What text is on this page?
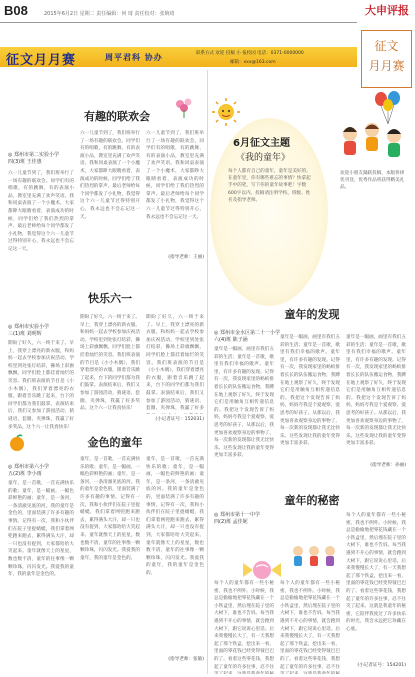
B08	2015年6月2日 星期二 责任编辑：何 琦 责任校对：张婉琦	大申评报
征文
月月赛
征文月月赛	周平君科 协办	联系方式 欢迎 投稿 小 报校园 电话：0371-0000000
邮箱：xxx@163.com
6月征文主题
《我的童年》
每个人都有自己的童年，童年是美好的。在童年里，你有哪些难忘的事情？快拿起手中的笔，写下你的童年故事吧！字数600字以内。投稿请注明学校、班级、姓名及指导老师。
欢迎小朋友踊跃投稿，本版将择优刊登，优秀作品将获得精美礼品。
有趣的联欢会
◎ 郑州市第二实验小学
四(3)班 王佳惠
六一儿童节到了，我们班举行了一场有趣的联欢会。同学们有的唱歌，有的跳舞，有的表演小品，教室里充满了欢声笑语。我和同桌表演了一个小魔术，大家都睁大眼睛看着，表演成功的时候，同学们给了我们热烈的掌声。最后老师给每个同学都发了小礼物，我觉得这个六一儿童节过得特别开心，我永远也不会忘记这一天。
六一儿童节到了，我们班举行了一场有趣的联欢会。同学们有的唱歌，有的跳舞，有的表演小品，教室里充满了欢声笑语。我和同桌表演了一个小魔术，大家都睁大眼睛看着，表演成功的时候，同学们给了我们热烈的掌声。最后老师给每个同学都发了小礼物，我觉得这个六一儿童节过得特别开心，我永远也不会忘记这一天。
六一儿童节到了，我们班举行了一场有趣的联欢会。同学们有的唱歌，有的跳舞，有的表演小品，教室里充满了欢声笑语。我和同桌表演了一个小魔术，大家都睁大眼睛看着，表演成功的时候，同学们给了我们热烈的掌声。最后老师给每个同学都发了小礼物，我觉得这个六一儿童节过得特别开心，我永远也不会忘记这一天。
(指导老师：王丽)
快乐六一
◎ 郑州市实验小学
三(1)班 刘明辉
期盼了好久，六一终于来了。早上，我穿上漂亮的新衣服，和妈妈一起去学校参加庆祝活动。学校里到处张灯结彩，操场上彩旗飘飘，同学们脸上都挂着灿烂的笑容。我们班表演的节目是《小小木偶》，我们穿着漂亮的衣服，跟着音乐跳了起来，台下的同学们都为我们鼓掌。表演结束后，我们又参加了游园活动，猜谜语、套圈、夹弹珠，我赢了好多奖品。这个六一让我真快乐！
期盼了好久，六一终于来了。早上，我穿上漂亮的新衣服，和妈妈一起去学校参加庆祝活动。学校里到处张灯结彩，操场上彩旗飘飘，同学们脸上都挂着灿烂的笑容。我们班表演的节目是《小小木偶》，我们穿着漂亮的衣服，跟着音乐跳了起来，台下的同学们都为我们鼓掌。表演结束后，我们又参加了游园活动，猜谜语、套圈、夹弹珠，我赢了好多奖品。这个六一让我真快乐！
期盼了好久，六一终于来了。早上，我穿上漂亮的新衣服，和妈妈一起去学校参加庆祝活动。学校里到处张灯结彩，操场上彩旗飘飘，同学们脸上都挂着灿烂的笑容。我们班表演的节目是《小小木偶》，我们穿着漂亮的衣服，跟着音乐跳了起来，台下的同学们都为我们鼓掌。表演结束后，我们又参加了游园活动，猜谜语、套圈、夹弹珠，我赢了好多
(小记者证号：152031)
金色的童年
◎ 郑州市第六小学
五(2)班 李小雨
童年，是一首歌，一首充满快乐的歌；童年，是一幅画，一幅色彩鲜艳的画；童年，是一条河，一条清澈见底的河。我的童年是金色的，里面装满了许多有趣的事情。记得有一次，我和小伙伴们在院子里捉蜻蜓，我们拿着网兜跑来跑去，累得满头大汗，却一只也没有捉到，大家都哈哈大笑起来。童年就像天上的星星，数也数不清，童年的往事像一颗颗珍珠，闪闪发光。我爱我的童年，我的童年是金色的。
童年，是一首歌，一首充满快乐的歌；童年，是一幅画，一幅色彩鲜艳的画；童年，是一条河，一条清澈见底的河。我的童年是金色的，里面装满了许多有趣的事情。记得有一次，我和小伙伴们在院子里捉蜻蜓，我们拿着网兜跑来跑去，累得满头大汗，却一只也没有捉到，大家都哈哈大笑起来。童年就像天上的星星，数也数不清，童年的往事像一颗颗珍珠，闪闪发光。我爱我的童年，我的童年是金色的。
童年，是一首歌，一首充满快乐的歌；童年，是一幅画，一幅色彩鲜艳的画；童年，是一条河，一条清澈见底的河。我的童年是金色的，里面装满了许多有趣的事情。记得有一次，我和小伙伴们在院子里捉蜻蜓，我们拿着网兜跑来跑去，累得满头大汗，却一只也没有捉到，大家都哈哈大笑起来。童年就像天上的星星，数也数不清，童年的往事像一颗颗珍珠，闪闪发光。我爱我的童年，我的童年是金色的。
(指导老师：张敏)
童年的发现
◎ 郑州市金水区第二十一小学
六(4)班 陈子涵
童年是一幅画，画里有我们五彩的生活；童年是一首歌，歌里有我们幸福的歌声。童年里，有许多有趣的发现。记得有一次，我发现家里的蚂蚁排着长长的队伍搬运食物，我蹲在地上观察了好久，终于发现它们是用触角互相传递信息的。我把这个发现告诉了妈妈，妈妈夸我是个爱观察、爱思考的好孩子。从那以后，我更加喜欢观察身边的事物了，每一次新的发现都让我无比快乐。这些发现让我的童年变得更加丰富多彩。
童年是一幅画，画里有我们五彩的生活；童年是一首歌，歌里有我们幸福的歌声。童年里，有许多有趣的发现。记得有一次，我发现家里的蚂蚁排着长长的队伍搬运食物，我蹲在地上观察了好久，终于发现它们是用触角互相传递信息的。我把这个发现告诉了妈妈，妈妈夸我是个爱观察、爱思考的好孩子。从那以后，我更加喜欢观察身边的事物了，每一次新的发现都让我无比快乐。这些发现让我的童年变得更加丰富多彩。
童年是一幅画，画里有我们五彩的生活；童年是一首歌，歌里有我们幸福的歌声。童年里，有许多有趣的发现。记得有一次，我发现家里的蚂蚁排着长长的队伍搬运食物，我蹲在地上观察了好久，终于发现它们是用触角互相传递信息的。我把这个发现告诉了妈妈，妈妈夸我是个爱观察、爱思考的好孩子。从那以后，我更加喜欢观察身边的事物了，每一次新的发现都让我无比快乐。这些发现让我的童年变得更加丰富多彩。
(指导老师：孙丽)
童年的秘密
◎ 郑州市第十一中学
四(2)班 孟佳妮
每个人的童年都有一些小秘密，我也不例外。小时候，我总是偷偷地把零花钱藏在一个小铁盒里，然后埋在院子里的大树下，谁也不告诉。每当我遇到不开心的事情，就会跑到大树下，跟它说说心里话。后来我慢慢长大了，有一天我想起了那个铁盒，挖出来一看，里面的零花钱已经变得皱巴巴的了。看着这些零花钱，我想起了童年的许多往事，忍不住
每个人的童年都有一些小秘密，我也不例外。小时候，我总是偷偷地把零花钱藏在一个小铁盒里，然后埋在院子里的大树下，谁也不告诉。每当我遇到不开心的事情，就会跑到大树下，跟它说说心里话。后来我慢慢长大了，有一天我想起了那个铁盒，挖出来一看，里面的零花钱已经变得皱巴巴的了。看着这些零花钱，我想起了童年的许多往事，忍不住
每个人的童年都有一些小秘密，我也不例外。小时候，我总是偷偷地把零花钱藏在一个小铁盒里，然后埋在院子里的大树下，谁也不告诉。每当我遇到不开心的事情，就会跑到大树下，跟它说说心里话。后来我慢慢长大了，有一天我想起了那个铁盒，挖出来一看，里面的零花钱已经变得皱巴巴的了。看着这些零花钱，我想起了童年的许多往事，忍不住笑了起来。这就是我童年的秘密，它陪伴我度过了许多快乐的时光，我会永远把它珍藏在心底。
(小记者证号：154201)
